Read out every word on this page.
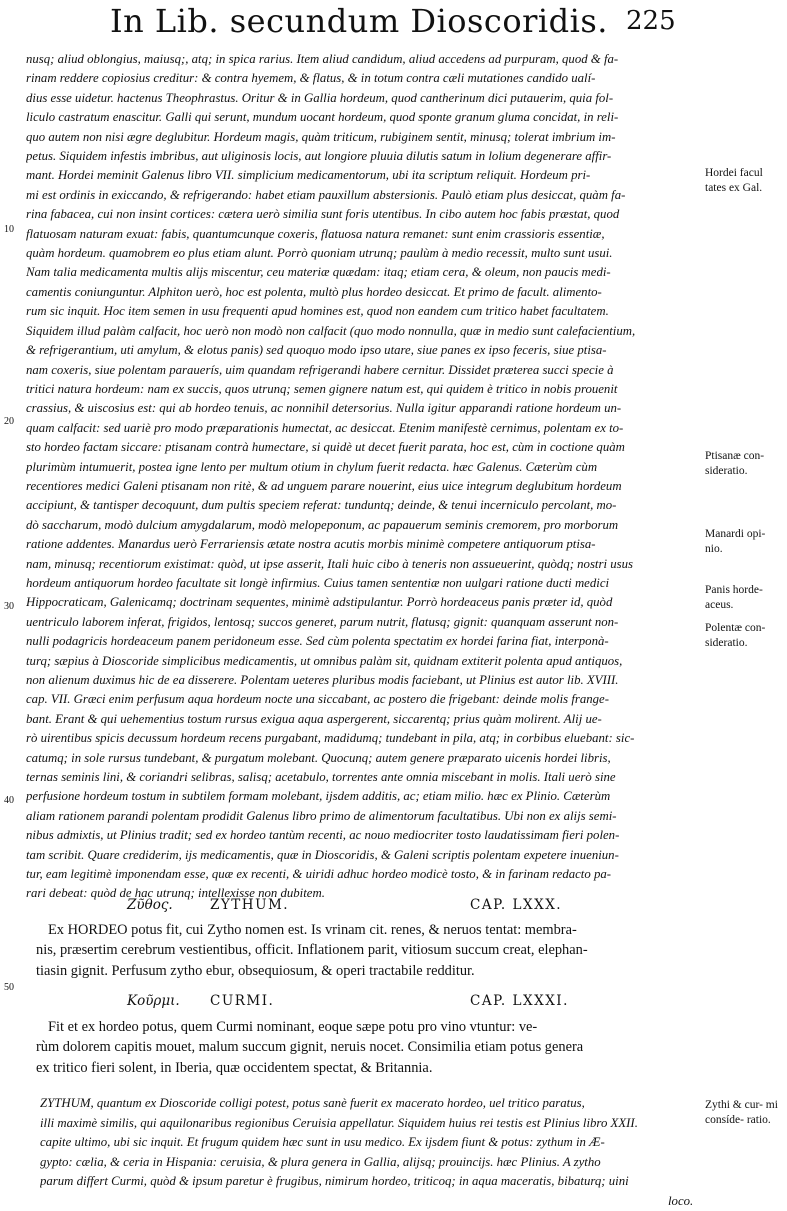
In Lib. secundum Dioscoridis. 225
nusq; aliud oblongius, maiusq;, atq; in spica rarius. Item aliud candidum, aliud accedens ad purpuram, quod & fa-
rinam reddere copiosius creditur: & contra hyemem, & flatus, & in totum contra cæli mutationes candido ualí-
dius esse uidetur. hactenus Theophrastus. Oritur & in Gallia hordeum, quod cantherinum dici putauerim, quia fol-
liculo castratum enascitur. Galli qui serunt, mundum uocant hordeum, quod sponte granum gluma concidat, in reli-
quo autem non nisi ægre deglubitur. Hordeum magis, quàm triticum, rubiginem sentit, minusq; tolerat imbrium im-
petus. Siquidem infestis imbribus, aut uliginosis locis, aut longiore pluuia dilutis satum in lolium degenerare affir-
mant. Hordei meminit Galenus libro VII. simplicium medicamentorum, ubi ita scriptum reliquit. Hordeum pri-
mi est ordinis in exiccando, & refrigerando: habet etiam pauxillum abstersionis. Paulò etiam plus desiccat, quàm fa-
rina fabacea, cui non insint cortices: cætera uerò similia sunt foris utentibus. In cibo autem hoc fabis præstat, quod
flatuosam naturam exuat: fabis, quantumcunque coxeris, flatuosa natura remanet: sunt enim crassioris essentiæ,
quàm hordeum. quamobrem eo plus etiam alunt. Porrò quoniam utrunq; paulùm à medio recessit, multo sunt usui.
Nam talia medicamenta multis alijs miscentur, ceu materiæ quædam: itaq; etiam cera, & oleum, non paucis medi-
camentis coniunguntur. Alphiton uerò, hoc est polenta, multò plus hordeo desiccat. Et primo de facult. alimento-
rum sic inquit. Hoc item semen in usu frequenti apud homines est, quod non eandem cum tritico habet facultatem.
Siquidem illud palàm calfacit, hoc uerò non modò non calfacit (quo modo nonnulla, quæ in medio sunt calefacientium,
& refrigerantium, uti amylum, & elotus panis) sed quoquo modo ipso utare, siue panes ex ipso feceris, siue ptisa-
nam coxeris, siue polentam parauerís, uim quandam refrigerandi habere cernitur. Dissidet præterea succi specie à
tritici natura hordeum: nam ex succis, quos utrunq; semen gignere natum est, qui quidem è tritico in nobis prouenit
crassius, & uiscosius est: qui ab hordeo tenuis, ac nonnihil detersorius. Nulla igitur apparandi ratione hordeum un-
quam calfacit: sed uariè pro modo præparationis humectat, ac desiccat. Etenim manifestè cernimus, polentam ex to-
sto hordeo factam siccare: ptisanam contrà humectare, si quidè ut decet fuerit parata, hoc est, cùm in coctione quàm
plurimùm intumuerit, postea igne lento per multum otium in chylum fuerit redacta. hæc Galenus. Cæterùm cùm
recentiores medici Galeni ptisanam non ritè, & ad unguem parare nouerint, eius uice integrum deglubitum hordeum
accipiunt, & tantisper decoquunt, dum pultis speciem referat: tunduntq; deinde, & tenui incerniculo percolant, mo-
dò saccharum, modò dulcium amygdalarum, modò melopeponum, ac papauerum seminis cremorem, pro morborum
ratione addentes. Manardus uerò Ferrariensis ætate nostra acutis morbis minimè competere antiquorum ptisa-
nam, minusq; recentiorum existimat: quòd, ut ipse asserit, Itali huic cibo à teneris non assueuerint, quòdq; nostri usus
hordeum antiquorum hordeo facultate sit longè infirmius. Cuius tamen sententiæ non uulgari ratione ducti medici
Hippocraticam, Galenicamq; doctrinam sequentes, minimè adstipulantur. Porrò hordeaceus panis præter id, quòd
uentriculo laborem inferat, frigidos, lentosq; succos generet, parum nutrit, flatusq; gignit: quanquam asserunt non-
nulli podagricis hordeaceum panem peridoneum esse. Sed cùm polenta spectatim ex hordei farina fiat, interponà-
turq; sæpius à Dioscoride simplicibus medicamentis, ut omnibus palàm sit, quidnam extiterit polenta apud antiquos,
non alienum duximus hic de ea disserere. Polentam ueteres pluribus modis faciebant, ut Plinius est autor lib. XVIII.
cap. VII. Græci enim perfusum aqua hordeum nocte una siccabant, ac postero die frigebant: deinde molis frange-
bant. Erant & qui uehementius tostum rursus exigua aqua aspergerent, siccarentq; prius quàm molirent. Alij ue-
rò uirentibus spicis decussum hordeum recens purgabant, madidumq; tundebant in pila, atq; in corbibus eluebant: sic-
catumq; in sole rursus tundebant, & purgatum molebant. Quocunq; autem genere præparato uicenis hordei libris,
ternas seminis lini, & coriandri selibras, salisq; acetabulo, torrentes ante omnia miscebant in molis. Itali uerò sine
perfusione hordeum tostum in subtilem formam molebant, ijsdem additis, ac; etiam milio. hæc ex Plinio. Cæterùm
aliam rationem parandi polentam prodidit Galenus libro primo de alimentorum facultatibus. Ubi non ex alijs semi-
nibus admixtis, ut Plinius tradit; sed ex hordeo tantùm recenti, ac nouo mediocriter tosto laudatissimam fieri polen-
tam scribit. Quare crediderim, ijs medicamentis, quæ in Dioscoridis, & Galeni scriptis polentam expetere inueniun-
tur, eam legitimè imponendam esse, quæ ex recenti, & uiridi adhuc hordeo modicè tosto, & in farinam redacto pa-
rari debeat: quòd de hac utrunq; intellexisse non dubitem.
10
20
30
40
50
Hordei facul tates ex Gal.
Ptisanæ con- sideratio.
Manardi opi- nio.
Panis horde- aceus.
Polentæ con- sideratio.
Zythi & cur- mi consíde- ratio.
Ζῦθος.	ZYTHUM.	CAP. LXXX.
Ex HORDEO potus fit, cui Zytho nomen est. Is vrinam cit. renes, & neruos tentat: membra-
nis, præsertim cerebrum vestientibus, officit. Inflationem parit, vitiosum succum creat, elephan-
tiasin gignit. Perfusum zytho ebur, obsequiosum, & operi tractabile redditur.
Κοῦρμι. CURMI.	CAP. LXXXI.
Fit et ex hordeo potus, quem Curmi nominant, eoque sæpe potu pro vino vtuntur: ve-
rùm dolorem capitis mouet, malum succum gignit, neruis nocet. Consimilia etiam potus genera
ex tritico fieri solent, in Iberia, quæ occidentem spectat, & Britannia.
ZYTHUM, quantum ex Dioscoride colligi potest, potus sanè fuerit ex macerato hordeo, uel tritico paratus,
illi maximè similis, qui aquilonaribus regionibus Ceruisia appellatur. Siquidem huius rei testis est Plinius libro XXII.
capite ultimo, ubi sic inquit. Et frugum quidem hæc sunt in usu medico. Ex ijsdem fiunt & potus: zythum in Æ-
gypto: cælia, & ceria in Hispania: ceruisia, & plura genera in Gallia, alijsq; prouincijs. hæc Plinius. A zytho
parum differt Curmi, quòd & ipsum paretur è frugibus, nimirum hordeo, triticoq; in aqua maceratis, bibaturq; uini
loco.
